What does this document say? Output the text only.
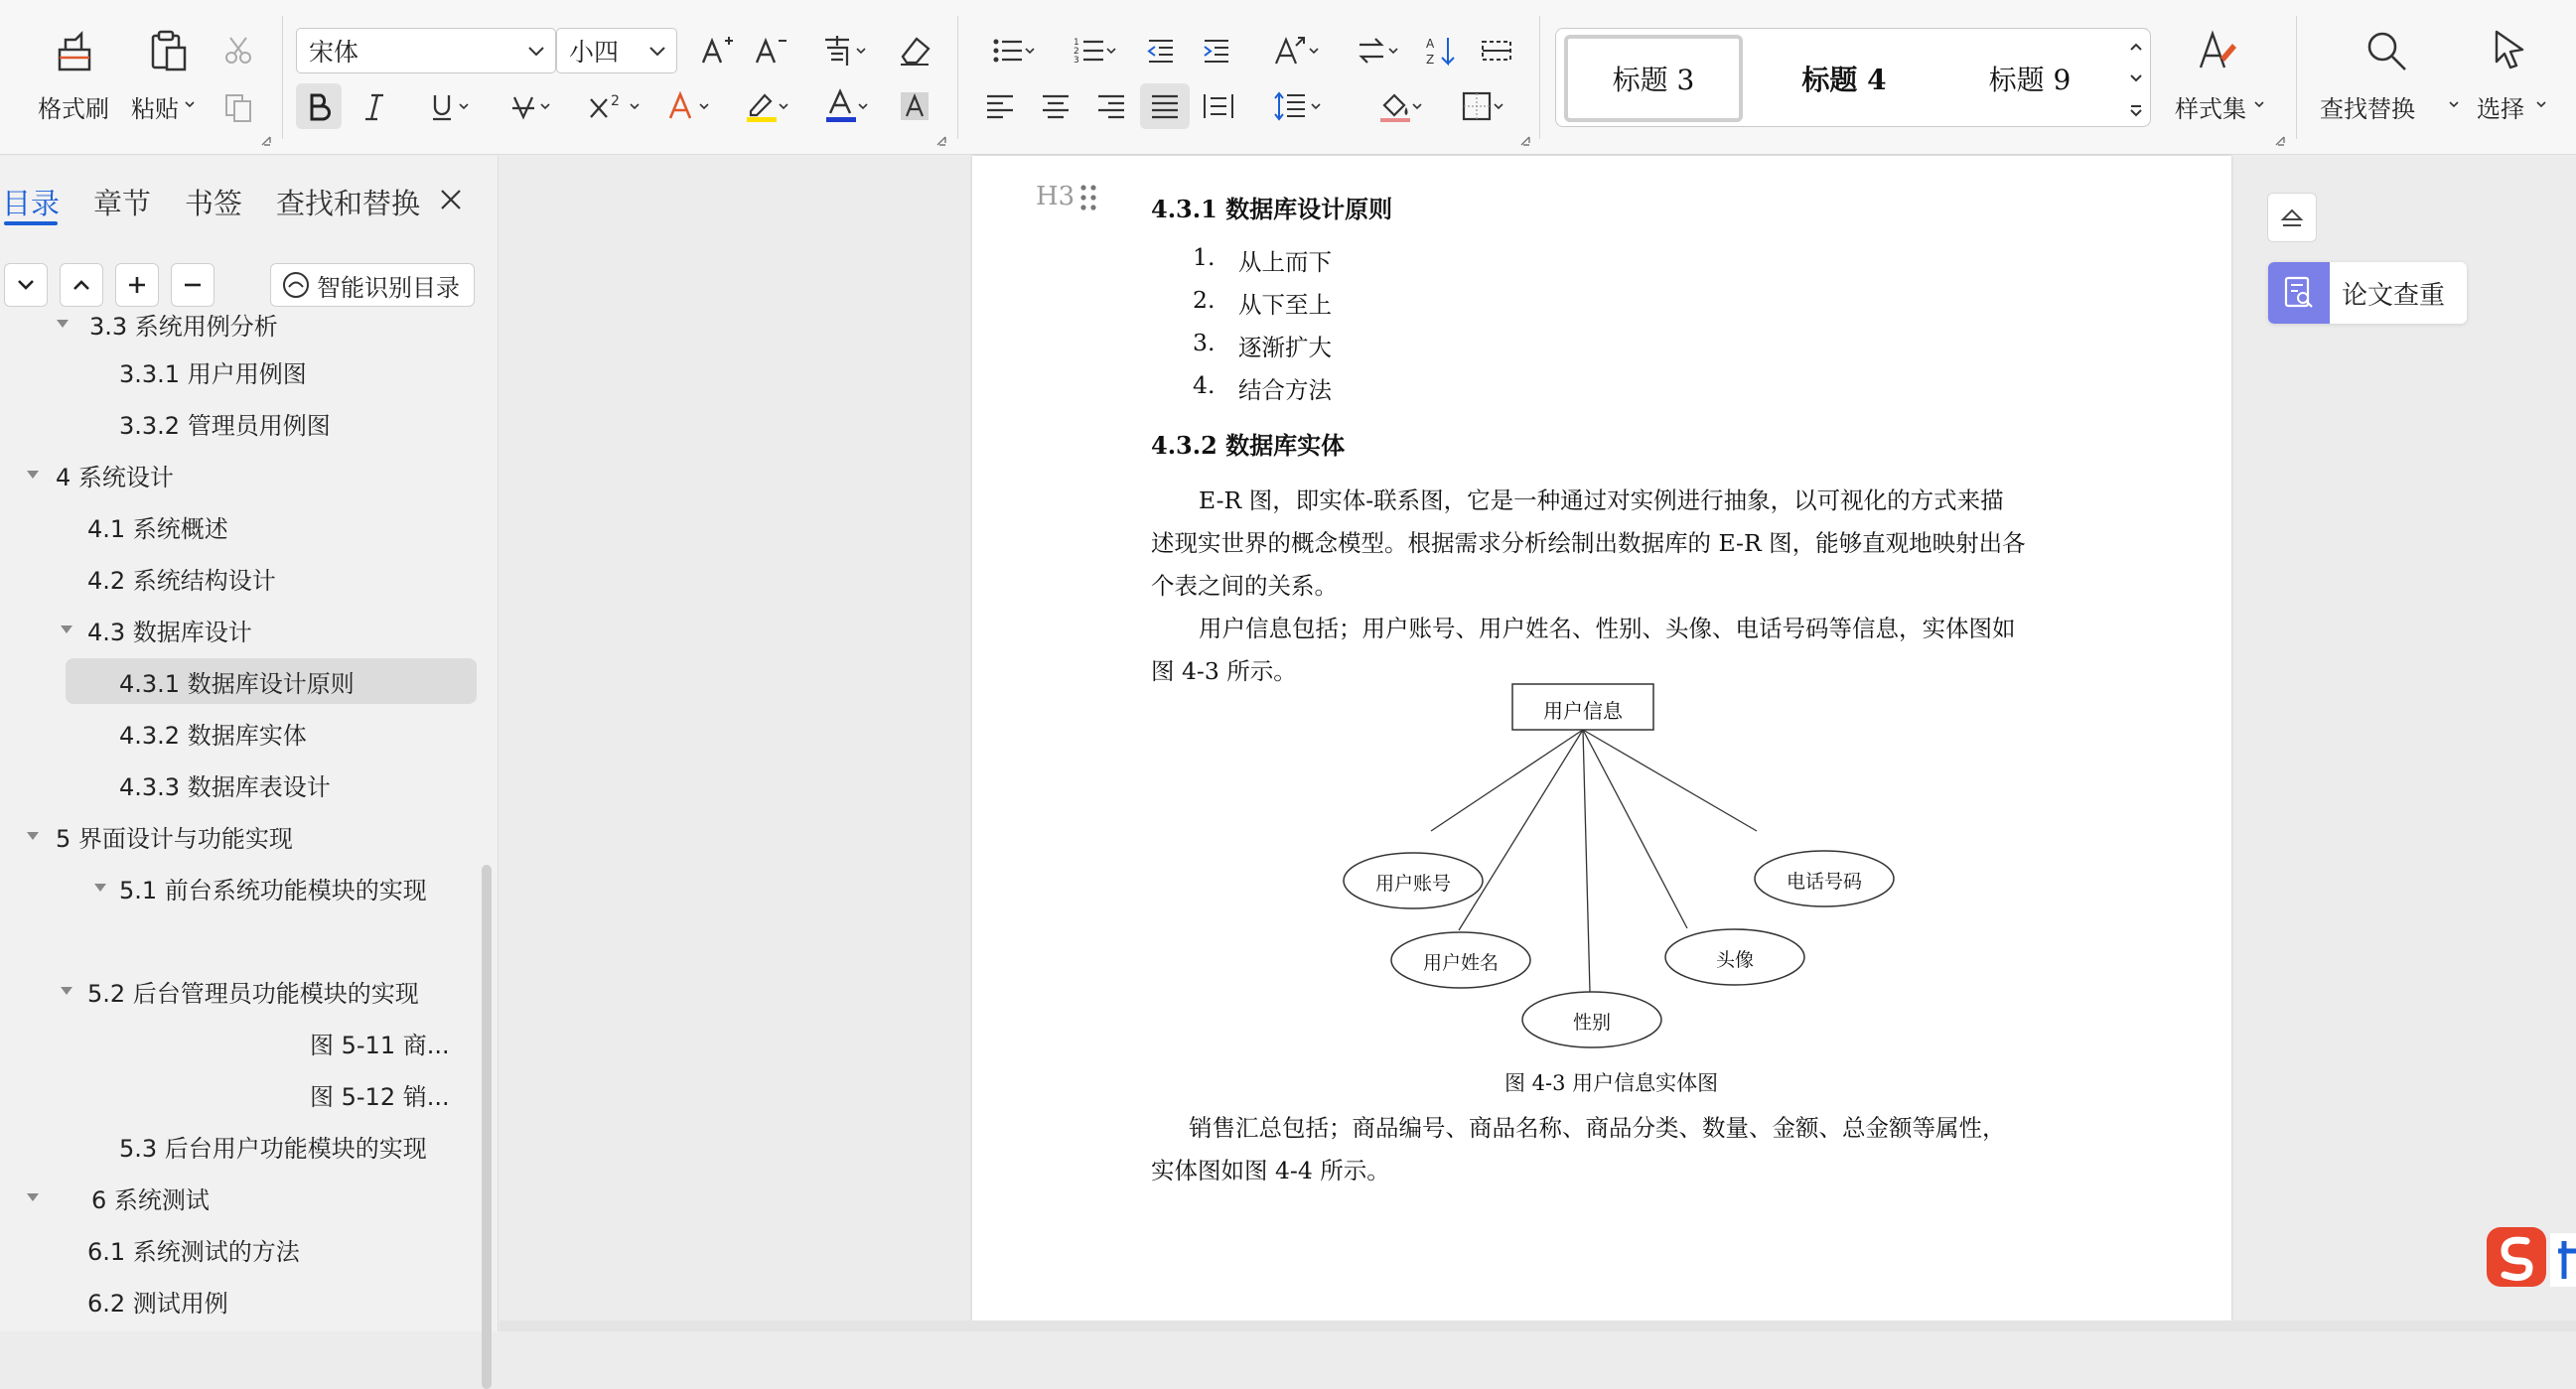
格式刷 粘贴
宋体	小四
2
1
2
3
A
Z
标题 3	标题 4	标题 9
样式集	查找替换	选择
目录 章节 书签 查找和替换
智能识别目录
3.3 系统用例分析
3.3.1 用户用例图
3.3.2 管理员用例图
4 系统设计
4.1 系统概述
4.2 系统结构设计
4.3 数据库设计
4.3.1 数据库设计原则
4.3.2 数据库实体
4.3.3 数据库表设计
5 界面设计与功能实现
5.1 前台系统功能模块的实现
5.2 后台管理员功能模块的实现
图 5-11 商...
图 5-12 销...
5.3 后台用户功能模块的实现
6 系统测试
6.1 系统测试的方法
6.2 测试用例
H3	4.3.1 数据库设计原则
1. 从上而下
2. 从下至上
3. 逐渐扩大
4. 结合方法
4.3.2 数据库实体
E-R 图，即实体-联系图，它是一种通过对实例进行抽象，以可视化的方式来描
述现实世界的概念模型。根据需求分析绘制出数据库的 E-R 图，能够直观地映射出各
个表之间的关系。
用户信息包括；用户账号、用户姓名、性别、头像、电话号码等信息，实体图如
图 4-3 所示。
用户信息
用户账号
用户姓名
性别
头像
电话号码
图 4-3 用户信息实体图
销售汇总包括；商品编号、商品名称、商品分类、数量、金额、总金额等属性，
实体图如图 4-4 所示。
论文查重
